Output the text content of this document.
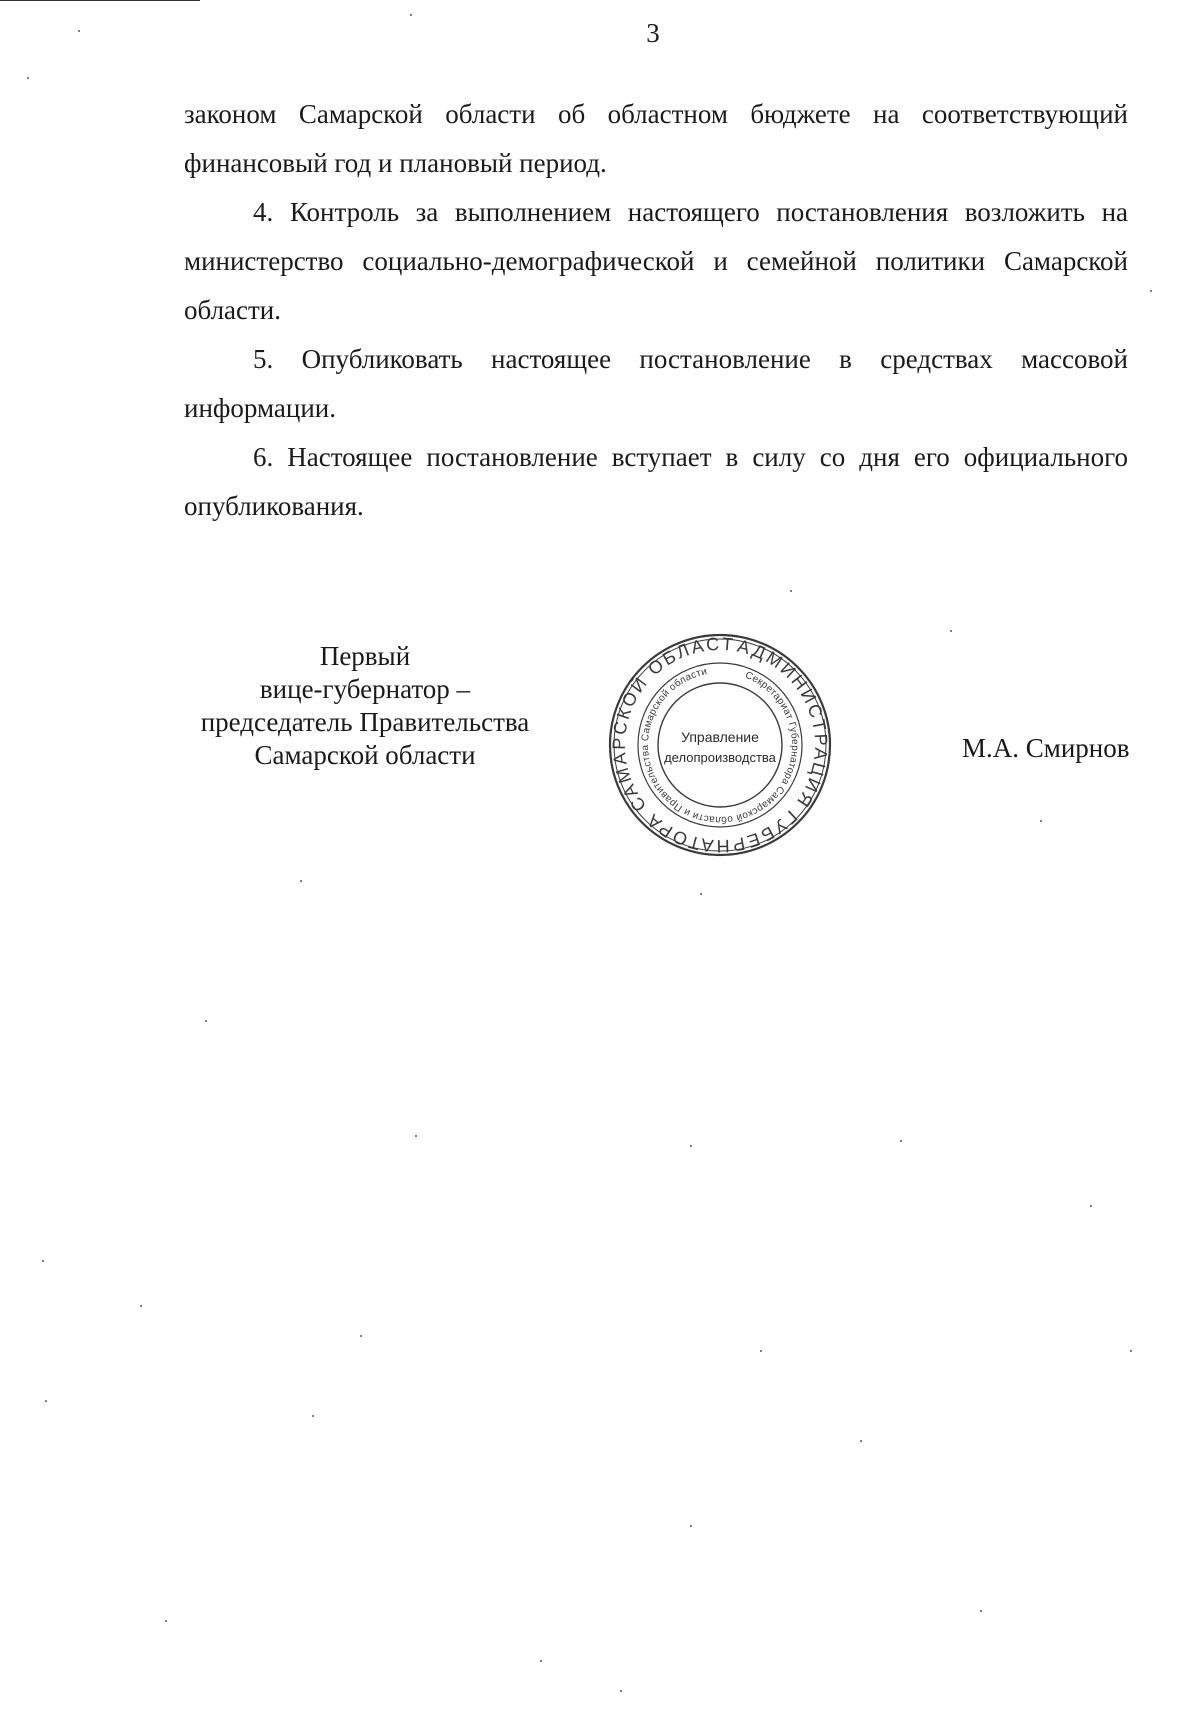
3

законом Самарской области об областном бюджете на соответствующий финансовый год и плановый период.

4. Контроль за выполнением настоящего постановления возложить на министерство социально-демографической и семейной политики Самарской области.

5. Опубликовать настоящее постановление в средствах массовой информации.

6. Настоящее постановление вступает в силу со дня его официального опубликования.

Первый
вице-губернатор –
председатель Правительства
Самарской области
АДМИНИСТРАЦИЯ ГУБЕРНАТОРА САМАРСКОЙ ОБЛАСТИ
Секретариат Губернатора Самарской области и Правительства Самарской области
Управление
делопроизводства	М.А. Смирнов
